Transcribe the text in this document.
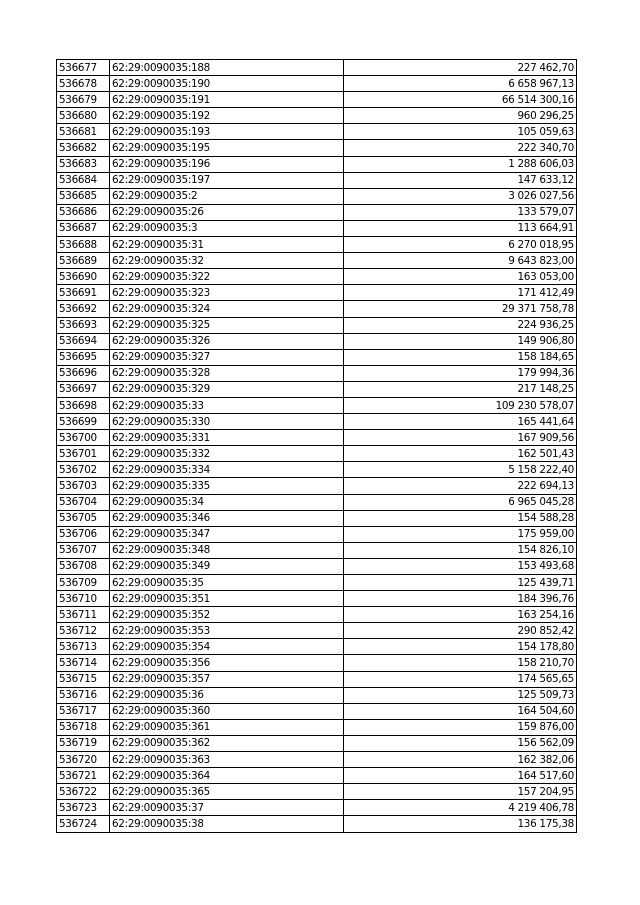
536677	62:29:0090035:188	227 462,70
536678	62:29:0090035:190	6 658 967,13
536679	62:29:0090035:191	66 514 300,16
536680	62:29:0090035:192	960 296,25
536681	62:29:0090035:193	105 059,63
536682	62:29:0090035:195	222 340,70
536683	62:29:0090035:196	1 288 606,03
536684	62:29:0090035:197	147 633,12
536685	62:29:0090035:2	3 026 027,56
536686	62:29:0090035:26	133 579,07
536687	62:29:0090035:3	113 664,91
536688	62:29:0090035:31	6 270 018,95
536689	62:29:0090035:32	9 643 823,00
536690	62:29:0090035:322	163 053,00
536691	62:29:0090035:323	171 412,49
536692	62:29:0090035:324	29 371 758,78
536693	62:29:0090035:325	224 936,25
536694	62:29:0090035:326	149 906,80
536695	62:29:0090035:327	158 184,65
536696	62:29:0090035:328	179 994,36
536697	62:29:0090035:329	217 148,25
536698	62:29:0090035:33	109 230 578,07
536699	62:29:0090035:330	165 441,64
536700	62:29:0090035:331	167 909,56
536701	62:29:0090035:332	162 501,43
536702	62:29:0090035:334	5 158 222,40
536703	62:29:0090035:335	222 694,13
536704	62:29:0090035:34	6 965 045,28
536705	62:29:0090035:346	154 588,28
536706	62:29:0090035:347	175 959,00
536707	62:29:0090035:348	154 826,10
536708	62:29:0090035:349	153 493,68
536709	62:29:0090035:35	125 439,71
536710	62:29:0090035:351	184 396,76
536711	62:29:0090035:352	163 254,16
536712	62:29:0090035:353	290 852,42
536713	62:29:0090035:354	154 178,80
536714	62:29:0090035:356	158 210,70
536715	62:29:0090035:357	174 565,65
536716	62:29:0090035:36	125 509,73
536717	62:29:0090035:360	164 504,60
536718	62:29:0090035:361	159 876,00
536719	62:29:0090035:362	156 562,09
536720	62:29:0090035:363	162 382,06
536721	62:29:0090035:364	164 517,60
536722	62:29:0090035:365	157 204,95
536723	62:29:0090035:37	4 219 406,78
536724	62:29:0090035:38	136 175,38
